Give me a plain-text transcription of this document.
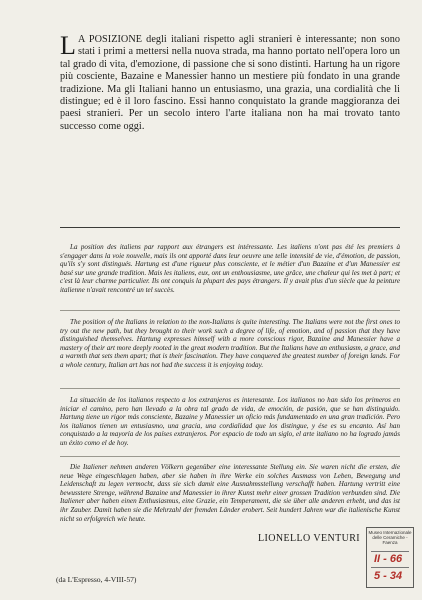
L A POSIZIONE degli italiani rispetto agli stranieri è interessante; non sono stati i primi a mettersi nella nuova strada, ma hanno portato nell'opera loro un tal grado di vita, d'emozione, di passione che si sono distinti. Hartung ha un rigore più cosciente, Bazaine e Manessier hanno un mestiere più fondato in una grande tradizione. Ma gli Italiani hanno un entusiasmo, una grazia, una cordialità che li distingue; ed è il loro fascino. Essi hanno conquistato la grande maggioranza dei paesi stranieri. Per un secolo intero l'arte italiana non ha mai trovato tanto successo come oggi.
La position des italiens par rapport aux étrangers est intéressante. Les italiens n'ont pas été les premiers à s'engager dans la voie nouvelle, mais ils ont apporté dans leur oeuvre une telle intensité de vie, d'émotion, de passion, qu'ils s'y sont distingués. Hartung est d'une rigueur plus consciente, et le métier d'un Bazaine et d'un Manessier est basé sur une grande tradition. Mais les italiens, eux, ont un enthousiasme, une grâce, une chaleur qui les met à part; et c'est là leur charme particulier. Ils ont conquis la plupart des pays étrangers. Il y avait plus d'un siècle que la peinture italienne n'avait rencontré un tel succès.
The position of the Italians in relation to the non-Italians is quite interesting. The Italians were not the first ones to try out the new path, but they brought to their work such a degree of life, of emotion, and of passion that they have distinguished themselves. Hartung expresses himself with a more conscious rigor, Bazaine and Manessier have a mastery of their art more deeply rooted in the great modern tradition. But the Italians have an enthusiasm, a grace, and a warmth that sets them apart; that is their fascination. They have conquered the greatest number of foreign lands. For a whole century, Italian art has not had the success it is enjoying today.
La situación de los italianos respecto a los extranjeros es interesante. Los italianos no han sido los primeros en iniciar el camino, pero han llevado a la obra tal grado de vida, de emoción, de pasión, que se han distinguido. Hartung tiene un rigor más consciente, Bazaine y Manessier un oficio más fundamentado en una gran tradición. Pero los italianos tienen un entusiasmo, una gracia, una cordialidad que los distingue, y ése es su encanto. Así han conquistado a la mayoría de los países extranjeros. Por espacio de todo un siglo, el arte italiano no ha logrado jamás un éxito como el de hoy.
Die Italiener nehmen anderen Völkern gegenüber eine interessante Stellung ein. Sie waren nicht die ersten, die neue Wege eingeschlagen haben, aber sie haben in ihre Werke ein solches Ausmass von Leben, Bewegung und Leidenschaft zu legen vermocht, dass sie sich damit eine Ausnahmsstellung verschafft haben. Hartung vertritt eine bewusstere Strenge, während Bazaine und Manessier in ihrer Kunst mehr einer grossen Tradition verbunden sind. Die Italiener aber haben einen Enthusiasmus, eine Grazie, ein Temperament, die sie über alle anderen erhebt, und das ist ihr Zauber. Damit haben sie die Mehrzahl der fremden Länder erobert. Seit hundert Jahren war die italienische Kunst nicht so erfolgreich wie heute.
LIONELLO VENTURI
(da L'Espresso, 4-VIII-57)
Museo Internazionale delle Ceramiche - Faenza
II - 66
5 - 34
